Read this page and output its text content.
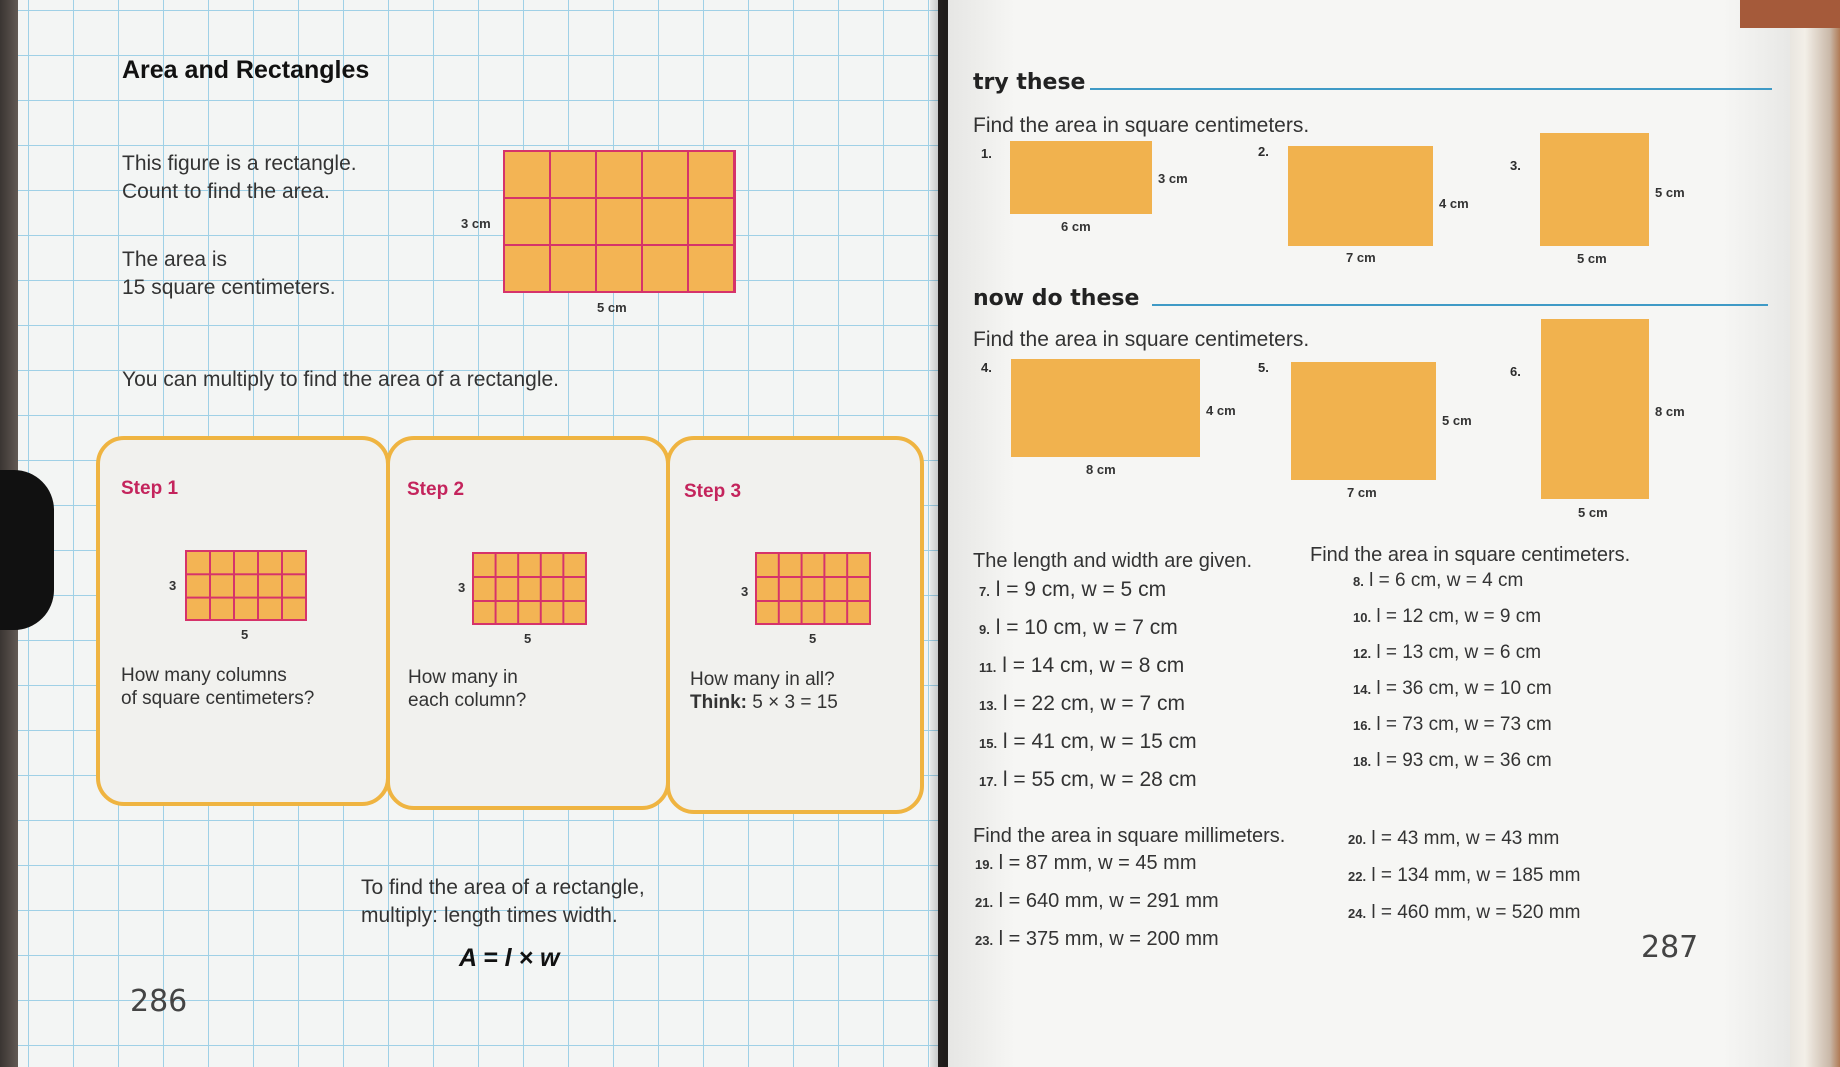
Area and Rectangles
This figure is a rectangle.
Count to find the area.
The area is
15 square centimeters.
3 cm
5 cm
You can multiply to find the area of a rectangle.
Step 1	Step 2	Step 3
3
5
3
5
3
5
How many columns
of square centimeters?
How many in
each column?
How many in all?
Think: 5 × 3 = 15
To find the area of a rectangle,
multiply: length times width.
A = l × w
286
try these
Find the area in square centimeters.
1.
3 cm
6 cm
2.
4 cm
7 cm
3.
5 cm
5 cm
now do these
Find the area in square centimeters.
4.
4 cm
8 cm
5.
5 cm
7 cm
6.
8 cm
5 cm
The length and width are given.	Find the area in square centimeters.
7. l = 9 cm, w = 5 cm
9. l = 10 cm, w = 7 cm
11. l = 14 cm, w = 8 cm
13. l = 22 cm, w = 7 cm
15. l = 41 cm, w = 15 cm
17. l = 55 cm, w = 28 cm
8. l = 6 cm, w = 4 cm
10. l = 12 cm, w = 9 cm
12. l = 13 cm, w = 6 cm
14. l = 36 cm, w = 10 cm
16. l = 73 cm, w = 73 cm
18. l = 93 cm, w = 36 cm
Find the area in square millimeters.
19. l = 87 mm, w = 45 mm
21. l = 640 mm, w = 291 mm
23. l = 375 mm, w = 200 mm
20. l = 43 mm, w = 43 mm
22. l = 134 mm, w = 185 mm
24. l = 460 mm, w = 520 mm
287
